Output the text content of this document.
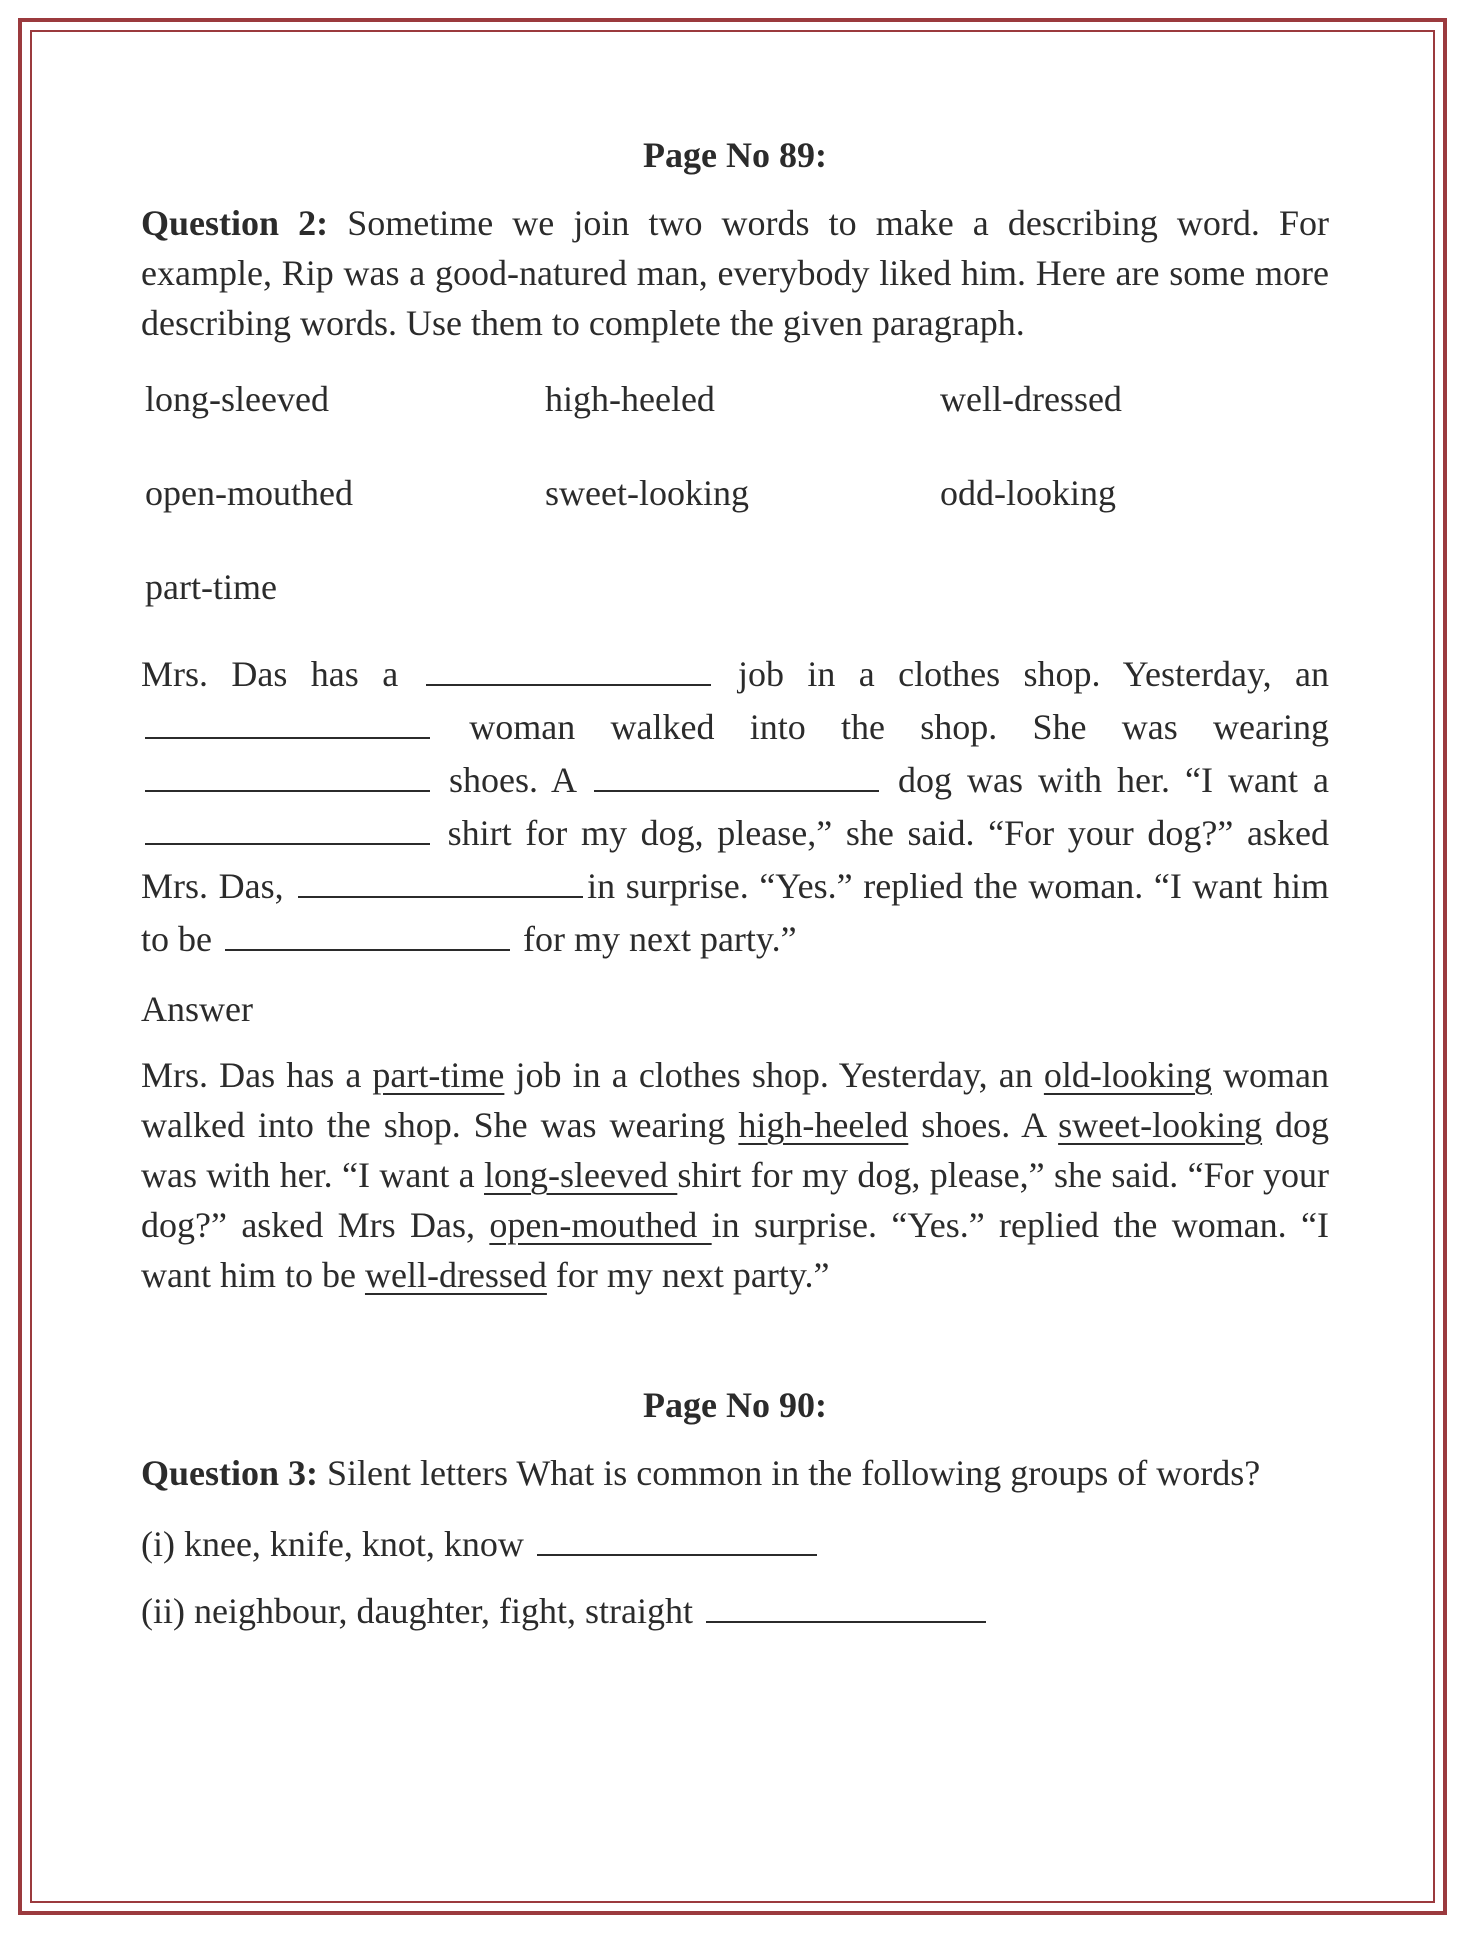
Page No 89:

Question 2: Sometime we join two words to make a describing word. For example, Rip was a good-natured man, everybody liked him. Here are some more describing words. Use them to complete the given paragraph.

long-sleeved	high-heeled	well-dressed
open-mouthed	sweet-looking	odd-looking
part-time

Mrs. Das has a	job in a clothes shop. Yesterday, an  woman walked into the shop. She was wearing  shoes. A	dog was with her. “I want a  shirt for my dog, please,” she said. “For your dog?” asked Mrs. Das,	in surprise. “Yes.” replied the woman. “I want him to be	for my next party.”

Answer

Mrs. Das has a part-time job in a clothes shop. Yesterday, an old-looking woman walked into the shop. She was wearing high-heeled shoes. A sweet-looking dog was with her. “I want a long-sleeved shirt for my dog, please,” she said. “For your dog?” asked Mrs Das, open-mouthed in surprise. “Yes.” replied the woman. “I want him to be well-dressed for my next party.”

Page No 90:

Question 3: Silent letters What is common in the following groups of words?

(i) knee, knife, knot, know

(ii) neighbour, daughter, fight, straight
